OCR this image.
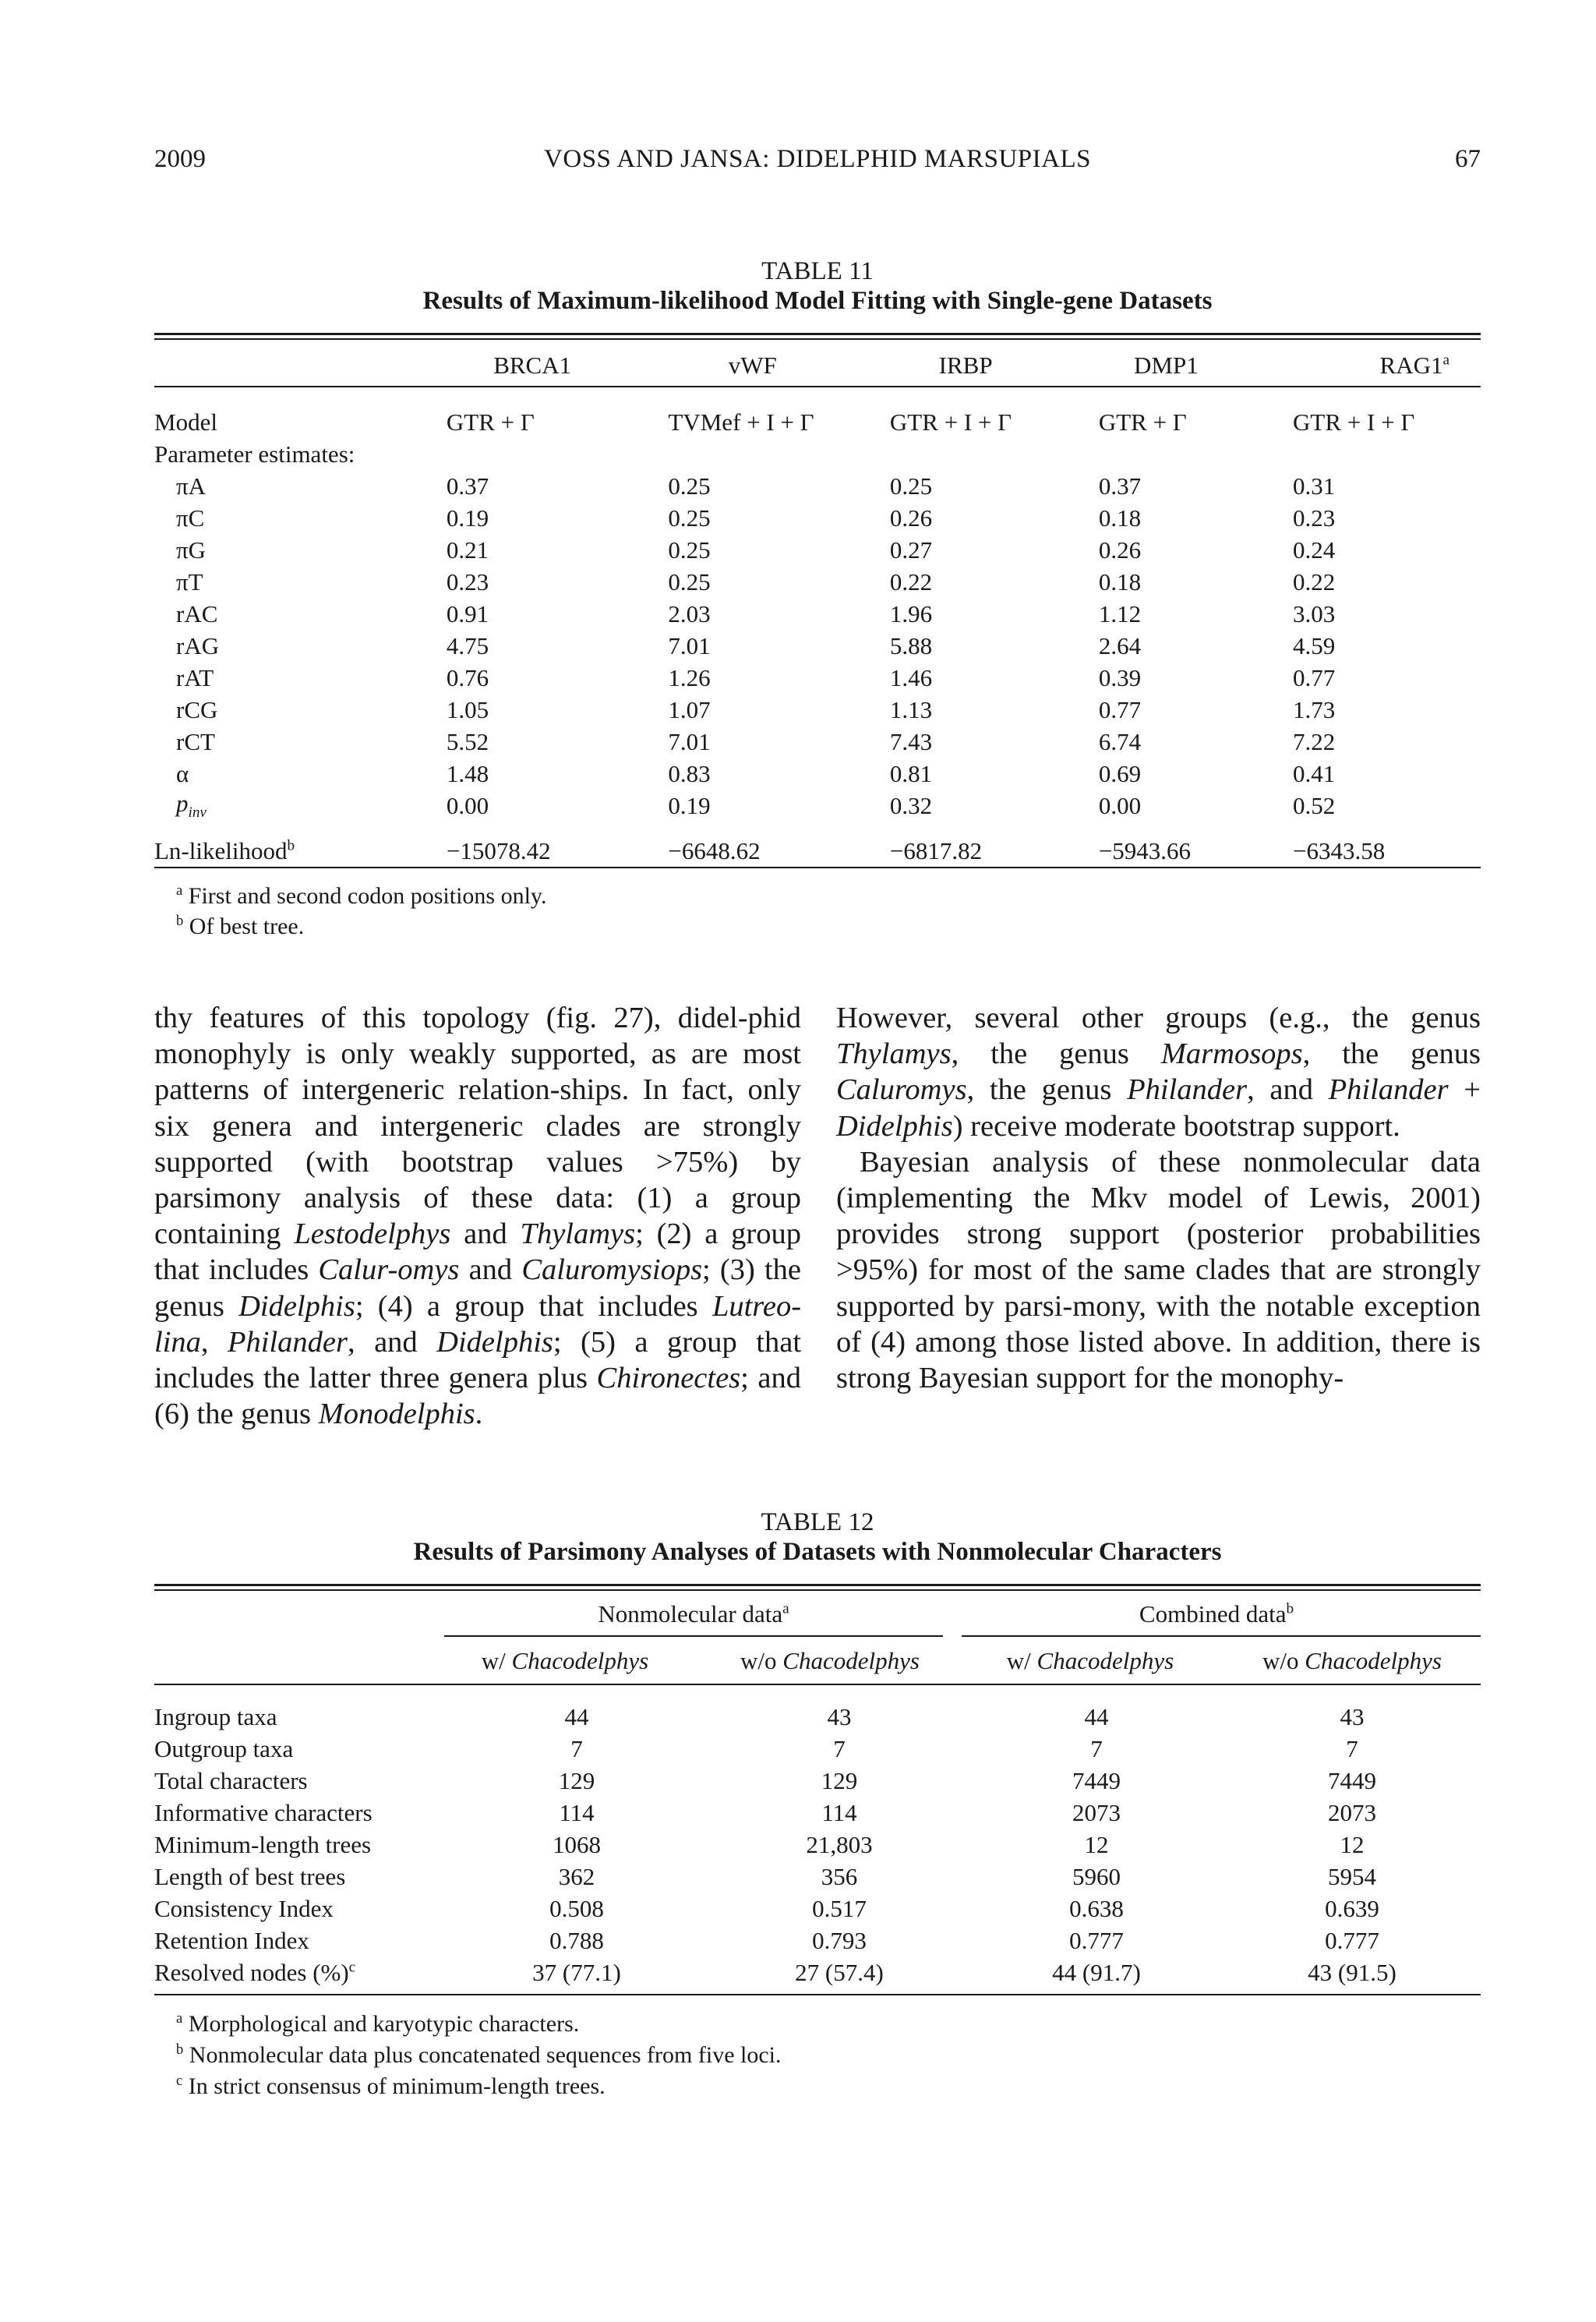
2009	VOSS AND JANSA: DIDELPHID MARSUPIALS	67
TABLE 11
Results of Maximum-likelihood Model Fitting with Single-gene Datasets
	BRCA1	vWF	IRBP	DMP1	RAG1$^a$
Model	GTR + Γ	TVMef + I + Γ	GTR + I + Γ	GTR + Γ	GTR + I + Γ
Parameter estimates:					
πA	0.37	0.25	0.25	0.37	0.31
πC	0.19	0.25	0.26	0.18	0.23
πG	0.21	0.25	0.27	0.26	0.24
πT	0.23	0.25	0.22	0.18	0.22
rAC	0.91	2.03	1.96	1.12	3.03
rAG	4.75	7.01	5.88	2.64	4.59
rAT	0.76	1.26	1.46	0.39	0.77
rCG	1.05	1.07	1.13	0.77	1.73
rCT	5.52	7.01	7.43	6.74	7.22
α	1.48	0.83	0.81	0.69	0.41
$p_{inv}$	0.00	0.19	0.32	0.00	0.52
Ln-likelihood$^b$	−15078.42	−6648.62	−6817.82	−5943.66	−6343.58
$^a$ First and second codon positions only.
$^b$ Of best tree.

thy features of this topology (fig. 27), didel-phid monophyly is only weakly supported, as are most patterns of intergeneric relation-ships. In fact, only six genera and intergeneric clades are strongly supported (with bootstrap values >75%) by parsimony analysis of these data: (1) a group containing Lestodelphys and Thylamys; (2) a group that includes Calur-omys and Caluromysiops; (3) the genus Didelphis; (4) a group that includes Lutreo-lina, Philander, and Didelphis; (5) a group that includes the latter three genera plus Chironectes; and (6) the genus Monodelphis.

However, several other groups (e.g., the genus Thylamys, the genus Marmosops, the genus Caluromys, the genus Philander, and Philander + Didelphis) receive moderate bootstrap support.

Bayesian analysis of these nonmolecular data (implementing the Mkv model of Lewis, 2001) provides strong support (posterior probabilities >95%) for most of the same clades that are strongly supported by parsi-mony, with the notable exception of (4) among those listed above. In addition, there is strong Bayesian support for the monophy-

TABLE 12
Results of Parsimony Analyses of Datasets with Nonmolecular Characters
Nonmolecular data$^a$	Combined data$^b$
w/ Chacodelphys	w/o Chacodelphys	w/ Chacodelphys	w/o Chacodelphys
Ingroup taxa	44	43	44	43
Outgroup taxa	7	7	7	7
Total characters	129	129	7449	7449
Informative characters	114	114	2073	2073
Minimum-length trees	1068	21,803	12	12
Length of best trees	362	356	5960	5954
Consistency Index	0.508	0.517	0.638	0.639
Retention Index	0.788	0.793	0.777	0.777
Resolved nodes (%)$^c$	37 (77.1)	27 (57.4)	44 (91.7)	43 (91.5)
$^a$ Morphological and karyotypic characters.
$^b$ Nonmolecular data plus concatenated sequences from five loci.
$^c$ In strict consensus of minimum-length trees.
